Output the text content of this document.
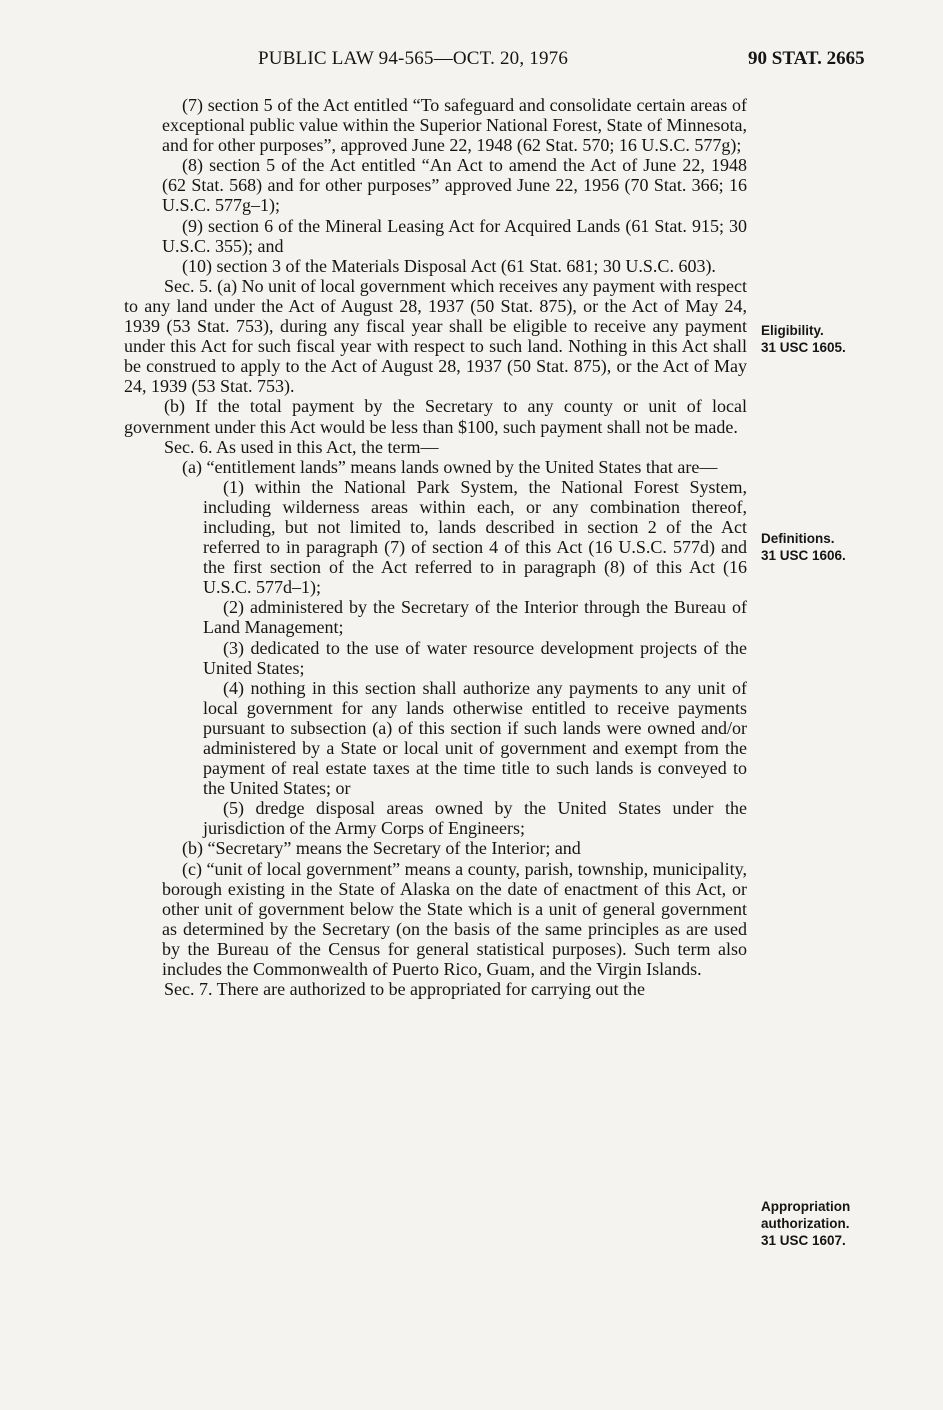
PUBLIC LAW 94-565—OCT. 20, 1976	90 STAT. 2665

(7) section 5 of the Act entitled “To safeguard and consolidate certain areas of exceptional public value within the Superior National Forest, State of Minnesota, and for other purposes”, approved June 22, 1948 (62 Stat. 570; 16 U.S.C. 577g);

(8) section 5 of the Act entitled “An Act to amend the Act of June 22, 1948 (62 Stat. 568) and for other purposes” approved June 22, 1956 (70 Stat. 366; 16 U.S.C. 577g–1);

(9) section 6 of the Mineral Leasing Act for Acquired Lands (61 Stat. 915; 30 U.S.C. 355); and

(10) section 3 of the Materials Disposal Act (61 Stat. 681; 30 U.S.C. 603).

Sec. 5. (a) No unit of local government which receives any payment with respect to any land under the Act of August 28, 1937 (50 Stat. 875), or the Act of May 24, 1939 (53 Stat. 753), during any fiscal year shall be eligible to receive any payment under this Act for such fiscal year with respect to such land. Nothing in this Act shall be construed to apply to the Act of August 28, 1937 (50 Stat. 875), or the Act of May 24, 1939 (53 Stat. 753).

(b) If the total payment by the Secretary to any county or unit of local government under this Act would be less than $100, such payment shall not be made.

Sec. 6. As used in this Act, the term—

(a) “entitlement lands” means lands owned by the United States that are—

(1) within the National Park System, the National Forest System, including wilderness areas within each, or any combination thereof, including, but not limited to, lands described in section 2 of the Act referred to in paragraph (7) of section 4 of this Act (16 U.S.C. 577d) and the first section of the Act referred to in paragraph (8) of this Act (16 U.S.C. 577d–1);

(2) administered by the Secretary of the Interior through the Bureau of Land Management;

(3) dedicated to the use of water resource development projects of the United States;

(4) nothing in this section shall authorize any payments to any unit of local government for any lands otherwise entitled to receive payments pursuant to subsection (a) of this section if such lands were owned and/or administered by a State or local unit of government and exempt from the payment of real estate taxes at the time title to such lands is conveyed to the United States; or

(5) dredge disposal areas owned by the United States under the jurisdiction of the Army Corps of Engineers;

(b) “Secretary” means the Secretary of the Interior; and

(c) “unit of local government” means a county, parish, township, municipality, borough existing in the State of Alaska on the date of enactment of this Act, or other unit of government below the State which is a unit of general government as determined by the Secretary (on the basis of the same principles as are used by the Bureau of the Census for general statistical purposes). Such term also includes the Commonwealth of Puerto Rico, Guam, and the Virgin Islands.

Sec. 7. There are authorized to be appropriated for carrying out the

Eligibility.
31 USC 1605.
Definitions.
31 USC 1606.
Appropriation
authorization.
31 USC 1607.
